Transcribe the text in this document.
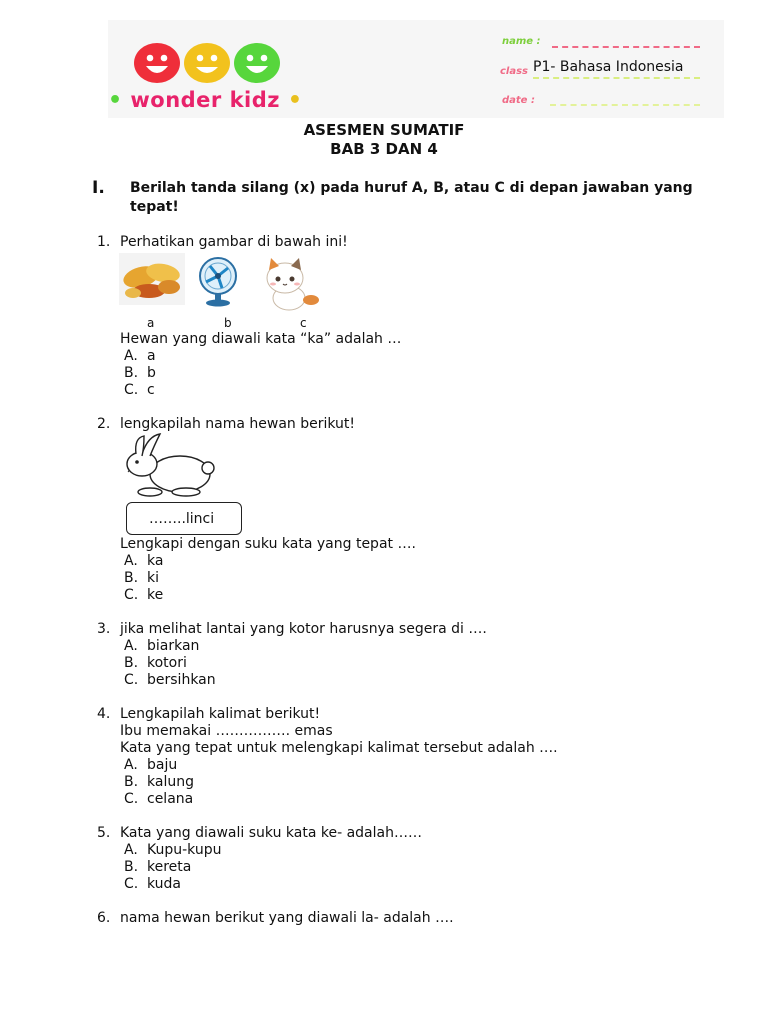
• wonder kidz •
name :
class P1- Bahasa Indonesia
date :
ASESMEN SUMATIF
BAB 3 DAN 4
I. Berilah tanda silang (x) pada huruf A, B, atau C di depan jawaban yang tepat!
1. Perhatikan gambar di bawah ini!
a	b	c
Hewan yang diawali kata “ka” adalah …
A. a
B. b
C. c
2. lengkapilah nama hewan berikut!
……..linci
Lengkapi dengan suku kata yang tepat ….
A. ka
B. ki
C. ke
3. jika melihat lantai yang kotor harusnya segera di ….
A. biarkan
B. kotori
C. bersihkan
4. Lengkapilah kalimat berikut!
Ibu memakai ……………. emas
Kata yang tepat untuk melengkapi kalimat tersebut adalah ….
A. baju
B. kalung
C. celana
5. Kata yang diawali suku kata ke- adalah……
A. Kupu-kupu
B. kereta
C. kuda
6. nama hewan berikut yang diawali la- adalah ….
